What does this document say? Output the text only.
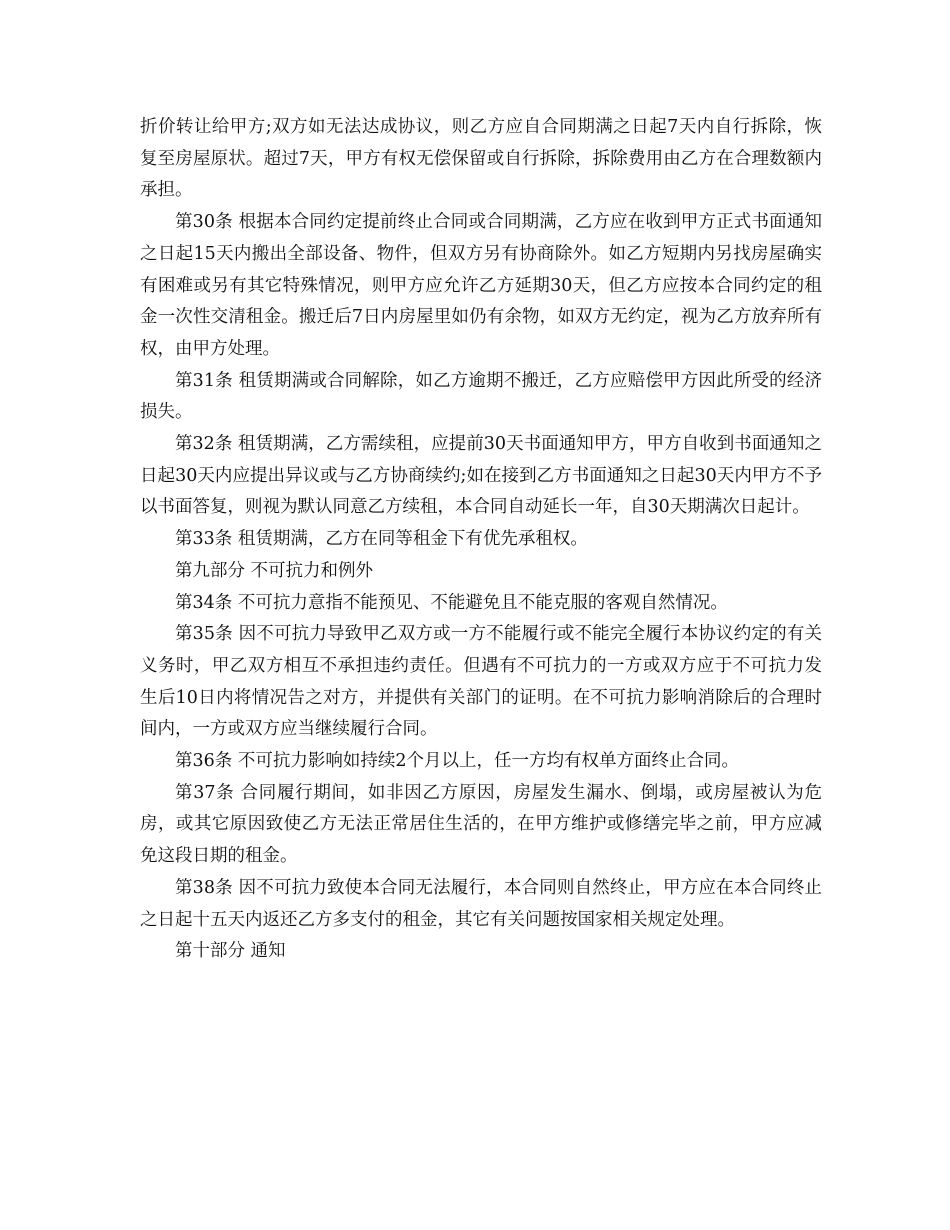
折价转让给甲方;双方如无法达成协议，则乙方应自合同期满之日起7天内自行拆除，恢复至房屋原状。超过7天，甲方有权无偿保留或自行拆除，拆除费用由乙方在合理数额内承担。

第30条 根据本合同约定提前终止合同或合同期满，乙方应在收到甲方正式书面通知之日起15天内搬出全部设备、物件，但双方另有协商除外。如乙方短期内另找房屋确实有困难或另有其它特殊情况，则甲方应允许乙方延期30天，但乙方应按本合同约定的租金一次性交清租金。搬迁后7日内房屋里如仍有余物，如双方无约定，视为乙方放弃所有权，由甲方处理。

第31条 租赁期满或合同解除，如乙方逾期不搬迁，乙方应赔偿甲方因此所受的经济损失。

第32条 租赁期满，乙方需续租，应提前30天书面通知甲方，甲方自收到书面通知之日起30天内应提出异议或与乙方协商续约;如在接到乙方书面通知之日起30天内甲方不予以书面答复，则视为默认同意乙方续租，本合同自动延长一年，自30天期满次日起计。

第33条 租赁期满，乙方在同等租金下有优先承租权。

第九部分 不可抗力和例外

第34条 不可抗力意指不能预见、不能避免且不能克服的客观自然情况。

第35条 因不可抗力导致甲乙双方或一方不能履行或不能完全履行本协议约定的有关义务时，甲乙双方相互不承担违约责任。但遇有不可抗力的一方或双方应于不可抗力发生后10日内将情况告之对方，并提供有关部门的证明。在不可抗力影响消除后的合理时间内，一方或双方应当继续履行合同。

第36条 不可抗力影响如持续2个月以上，任一方均有权单方面终止合同。

第37条 合同履行期间，如非因乙方原因，房屋发生漏水、倒塌，或房屋被认为危房，或其它原因致使乙方无法正常居住生活的，在甲方维护或修缮完毕之前，甲方应减免这段日期的租金。

第38条 因不可抗力致使本合同无法履行，本合同则自然终止，甲方应在本合同终止之日起十五天内返还乙方多支付的租金，其它有关问题按国家相关规定处理。

第十部分 通知
